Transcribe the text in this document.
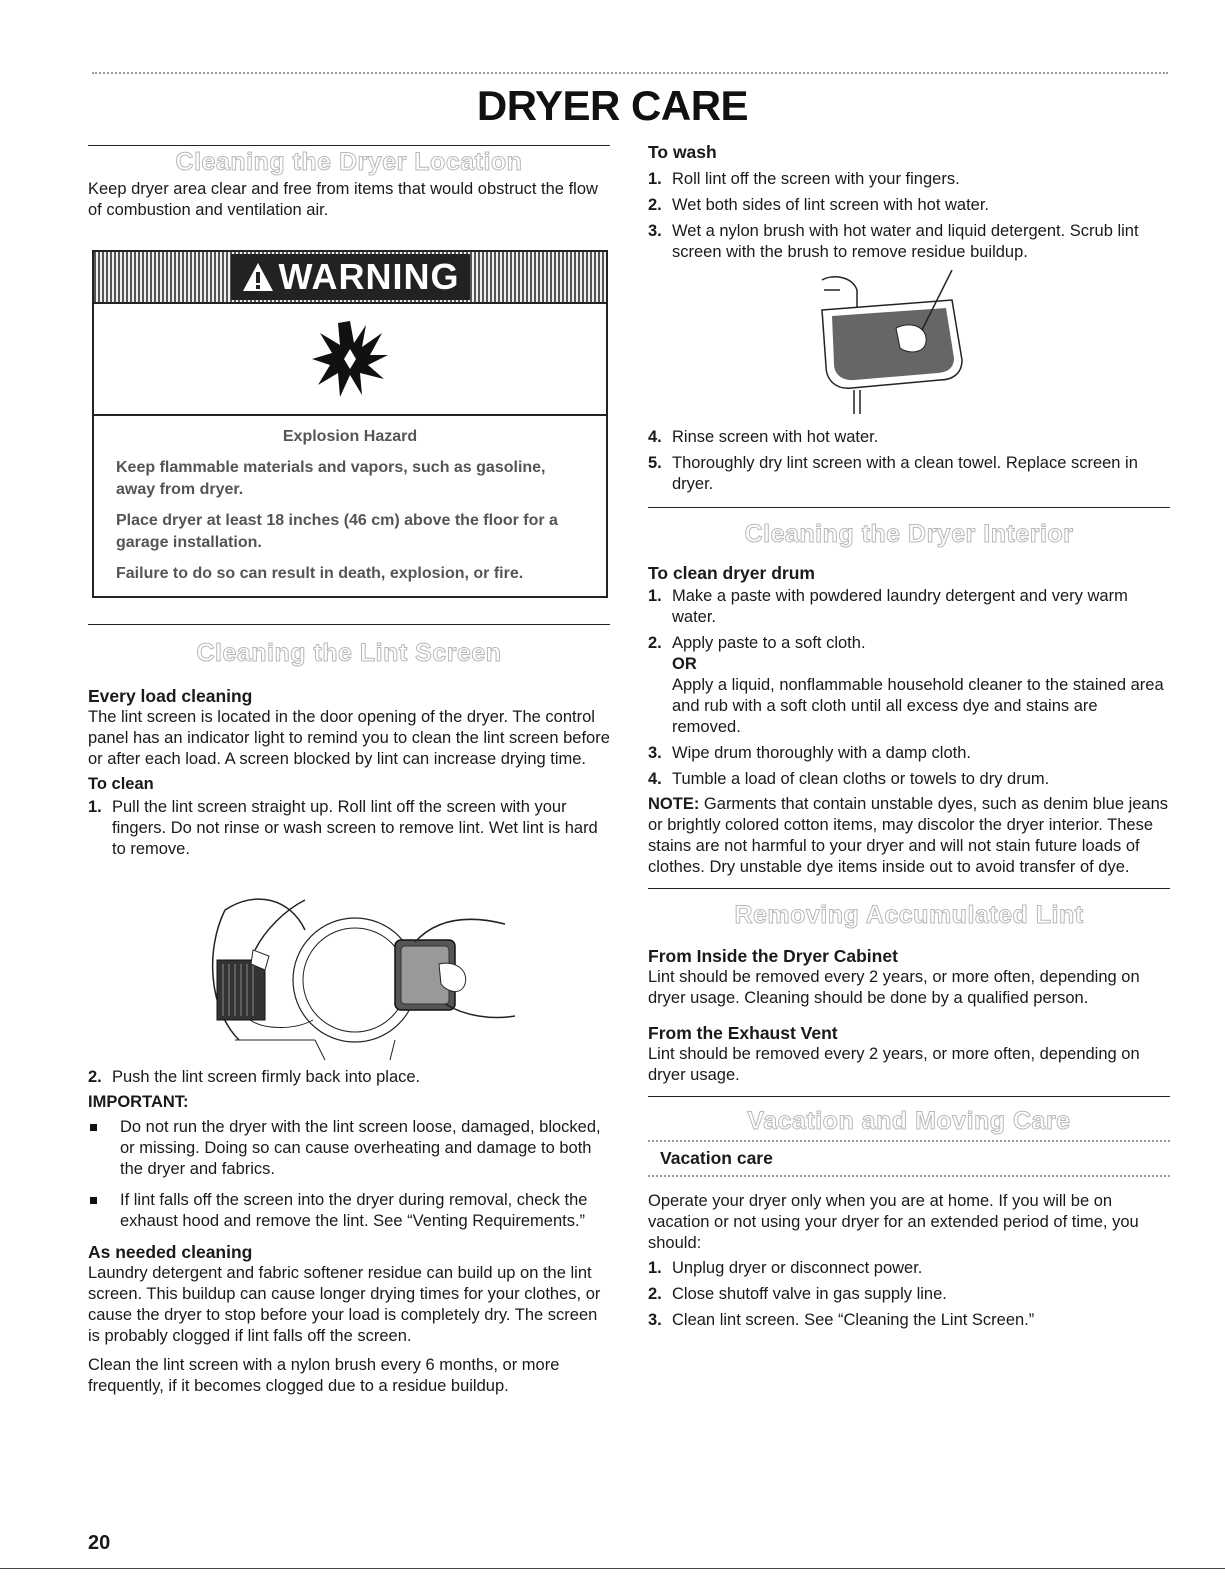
DRYER CARE
Cleaning the Dryer Location

Keep dryer area clear and free from items that would obstruct the flow of combustion and ventilation air.

WARNING

Explosion Hazard

Keep flammable materials and vapors, such as gasoline, away from dryer.

Place dryer at least 18 inches (46 cm) above the floor for a garage installation.

Failure to do so can result in death, explosion, or fire.

Cleaning the Lint Screen

Every load cleaning

The lint screen is located in the door opening of the dryer. The control panel has an indicator light to remind you to clean the lint screen before or after each load. A screen blocked by lint can increase drying time.

To clean

1. Pull the lint screen straight up. Roll lint off the screen with your fingers. Do not rinse or wash screen to remove lint. Wet lint is hard to remove.
2. Push the lint screen firmly back into place.

IMPORTANT:

Do not run the dryer with the lint screen loose, damaged, blocked, or missing. Doing so can cause overheating and damage to both the dryer and fabrics.
If lint falls off the screen into the dryer during removal, check the exhaust hood and remove the lint. See “Venting Requirements.”

As needed cleaning

Laundry detergent and fabric softener residue can build up on the lint screen. This buildup can cause longer drying times for your clothes, or cause the dryer to stop before your load is completely dry. The screen is probably clogged if lint falls off the screen.

Clean the lint screen with a nylon brush every 6 months, or more frequently, if it becomes clogged due to a residue buildup.

To wash

1. Roll lint off the screen with your fingers.
2. Wet both sides of lint screen with hot water.
3. Wet a nylon brush with hot water and liquid detergent. Scrub lint screen with the brush to remove residue buildup.
4. Rinse screen with hot water.
5. Thoroughly dry lint screen with a clean towel. Replace screen in dryer.
Cleaning the Dryer Interior

To clean dryer drum

1. Make a paste with powdered laundry detergent and very warm water.
2. Apply paste to a soft cloth.
OR
Apply a liquid, nonflammable household cleaner to the stained area and rub with a soft cloth until all excess dye and stains are removed.
3. Wipe drum thoroughly with a damp cloth.
4. Tumble a load of clean cloths or towels to dry drum.

NOTE: Garments that contain unstable dyes, such as denim blue jeans or brightly colored cotton items, may discolor the dryer interior. These stains are not harmful to your dryer and will not stain future loads of clothes. Dry unstable dye items inside out to avoid transfer of dye.

Removing Accumulated Lint

From Inside the Dryer Cabinet

Lint should be removed every 2 years, or more often, depending on dryer usage. Cleaning should be done by a qualified person.

From the Exhaust Vent

Lint should be removed every 2 years, or more often, depending on dryer usage.

Vacation and Moving Care

Vacation care

Operate your dryer only when you are at home. If you will be on vacation or not using your dryer for an extended period of time, you should:

1. Unplug dryer or disconnect power.
2. Close shutoff valve in gas supply line.
3. Clean lint screen. See “Cleaning the Lint Screen.”
20
